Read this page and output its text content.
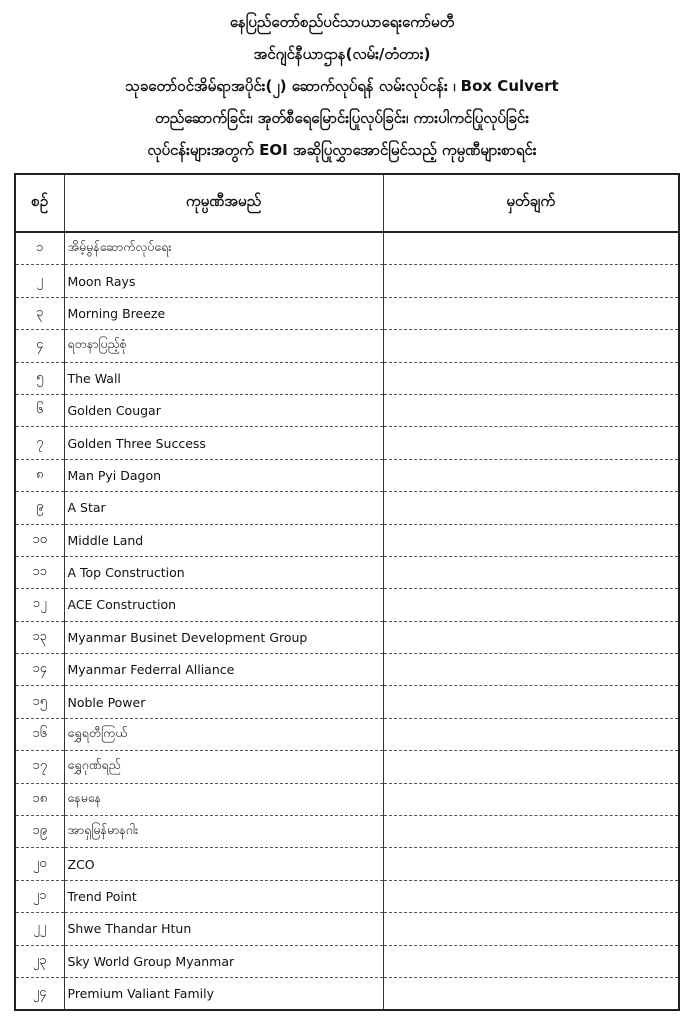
နေပြည်တော်စည်ပင်သာယာရေးကော်မတီ
အင်ဂျင်နီယာဌာန(လမ်း/တံတား)
သုခတော်ဝင်အိမ်ရာအပိုင်း(၂) ဆောက်လုပ်ရန် လမ်းလုပ်ငန်း ၊ Box Culvert
တည်ဆောက်ခြင်း၊ အုတ်စီရေမြောင်းပြုလုပ်ခြင်း၊ ကားပါကင်ပြုလုပ်ခြင်း
လုပ်ငန်းများအတွက် EOI အဆိုပြုလွှာအောင်မြင်သည့် ကုမ္ပဏီများစာရင်း
စဉ်	ကုမ္ပဏီအမည်	မှတ်ချက်
၁	အိမ့်မွန်ဆောက်လုပ်ရေး	
၂	Moon Rays	
၃	Morning Breeze	
၄	ရတနာပြည့်စုံ	
၅	The Wall	
၆	Golden Cougar	
၇	Golden Three Success	
၈	Man Pyi Dagon	
၉	A Star	
၁၀	Middle Land	
၁၁	A Top Construction	
၁၂	ACE Construction	
၁၃	Myanmar Businet Development Group	
၁၄	Myanmar Federral Alliance	
၁၅	Noble Power	
၁၆	ရွှေရတီကြယ်	
၁၇	ရွှေဂုဏ်ရည်	
၁၈	နေမနေ	
၁၉	အာရှမြန်မာနဂါး	
၂၀	ZCO	
၂၁	Trend Point	
၂၂	Shwe Thandar Htun	
၂၃	Sky World Group Myanmar	
၂၄	Premium Valiant Family	
